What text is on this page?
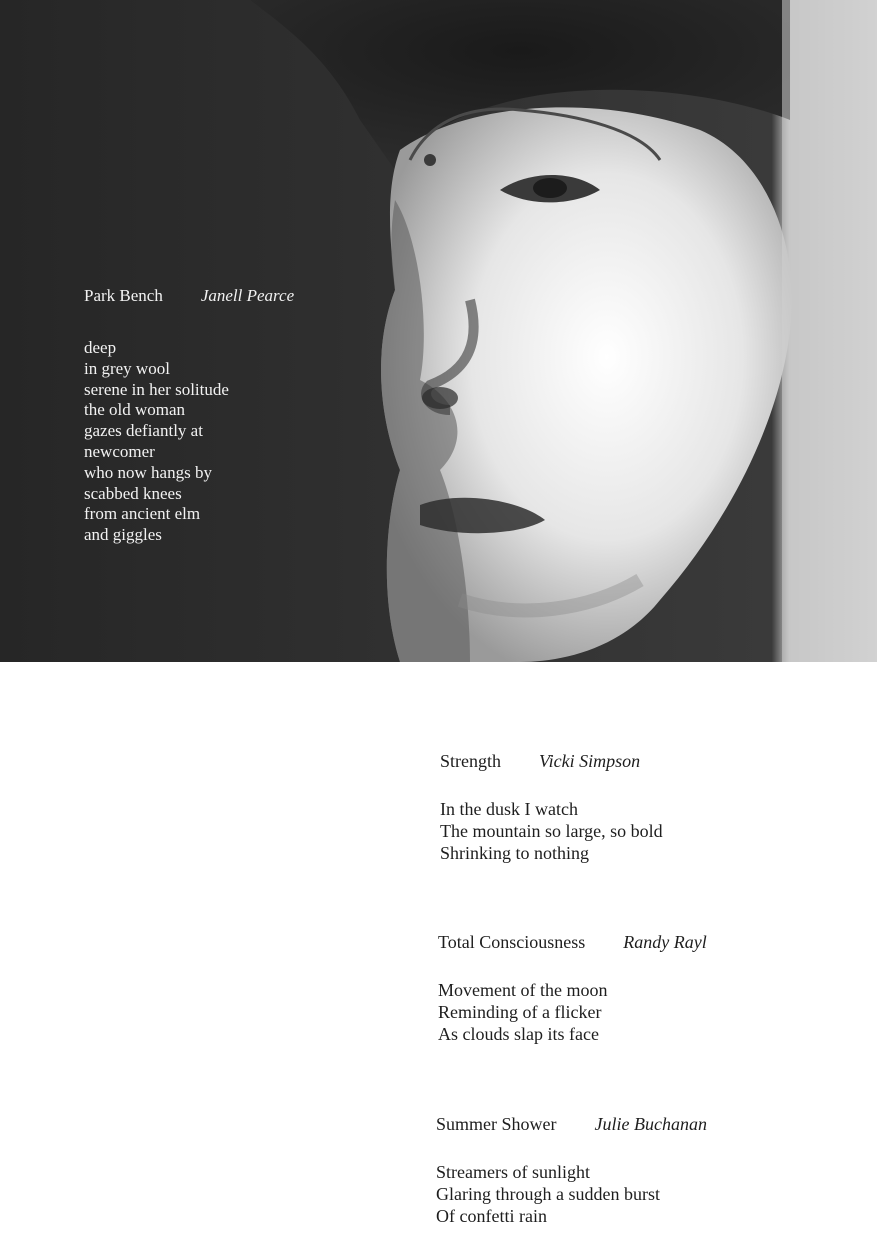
Park Bench Janell Pearce
deep
in grey wool
serene in her solitude
the old woman
gazes defiantly at
newcomer
who now hangs by
scabbed knees
from ancient elm
and giggles
Strength Vicki Simpson
In the dusk I watch
The mountain so large, so bold
Shrinking to nothing
Total Consciousness Randy Rayl
Movement of the moon
Reminding of a flicker
As clouds slap its face
Summer Shower Julie Buchanan
Streamers of sunlight
Glaring through a sudden burst
Of confetti rain
